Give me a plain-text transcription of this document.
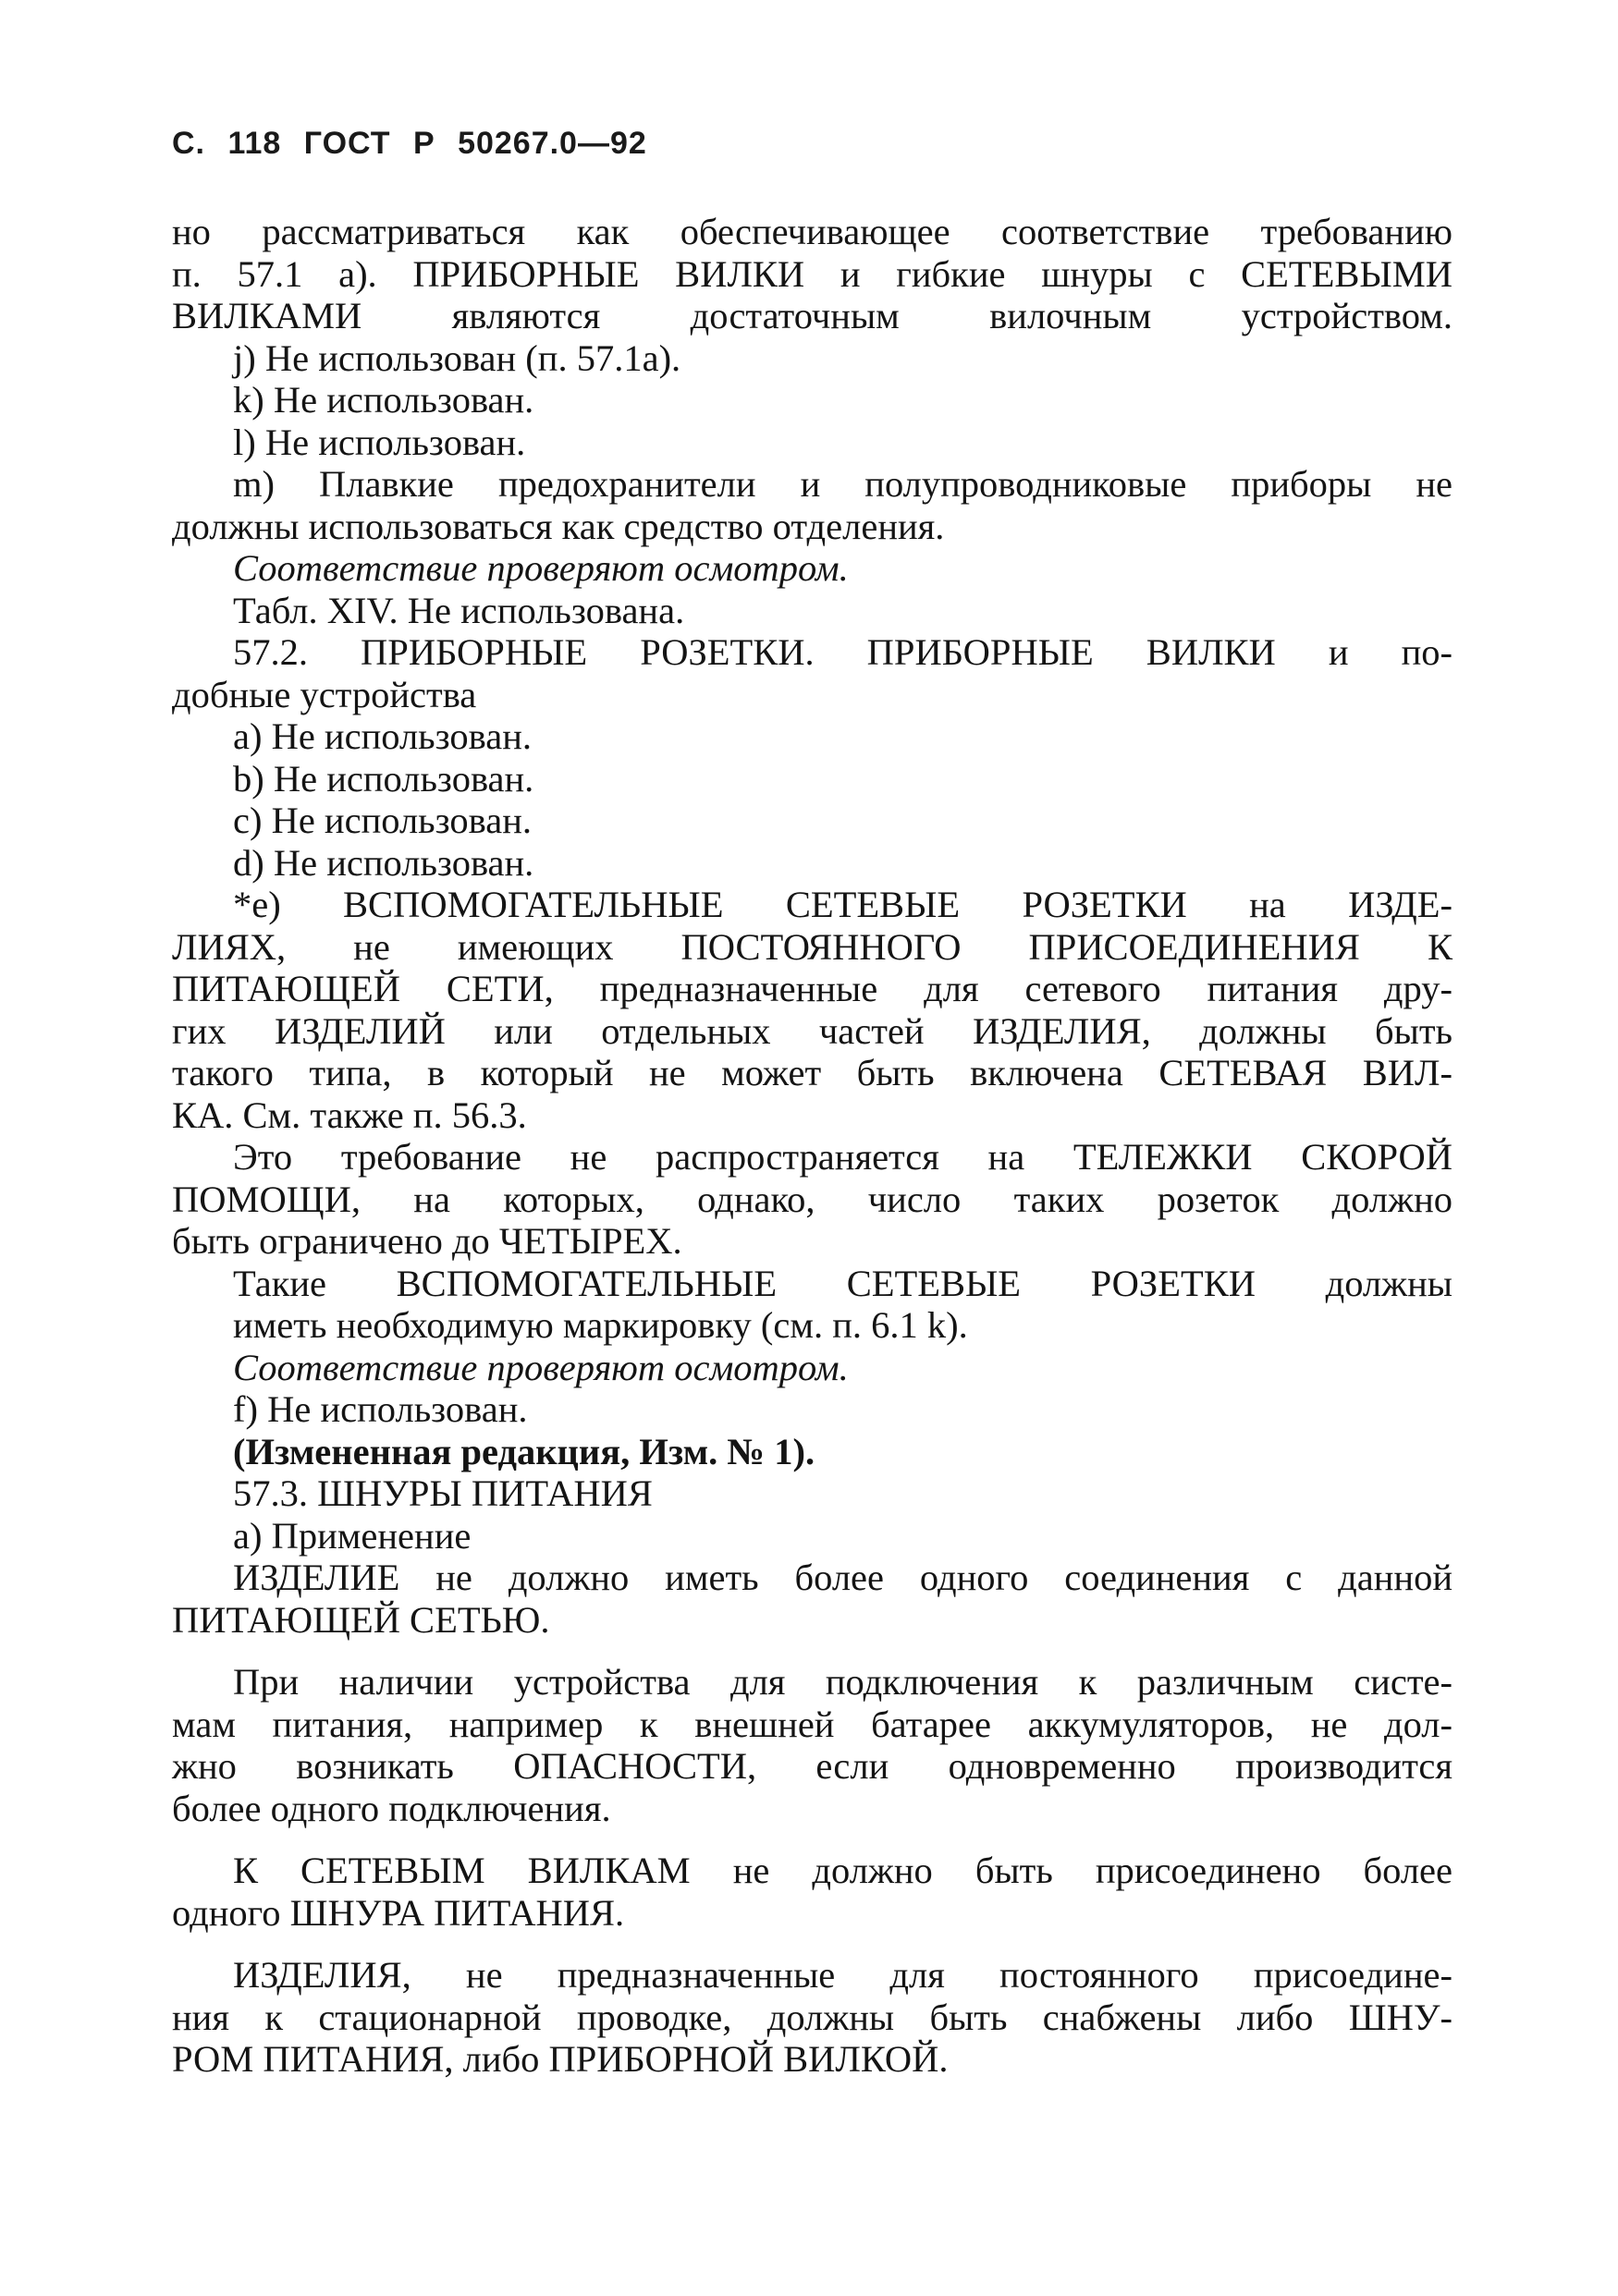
С. 118 ГОСТ Р 50267.0—92

но рассматриваться как обеспечивающее соответствие требованию

п. 57.1 а). ПРИБОРНЫЕ ВИЛКИ и гибкие шнуры с СЕТЕВЫМИ

ВИЛКАМИ являются достаточным вилочным устройством.

j) Не использован (п. 57.1а).

k) Не использован.

l) Не использован.

m) Плавкие предохранители и полупроводниковые приборы не

должны использоваться как средство отделения.

Соответствие проверяют осмотром.

Табл. XIV. Не использована.

57.2. ПРИБОРНЫЕ РОЗЕТКИ. ПРИБОРНЫЕ ВИЛКИ и по-

добные устройства

а) Не использован.

b) Не использован.

c) Не использован.

d) Не использован.

*e) ВСПОМОГАТЕЛЬНЫЕ СЕТЕВЫЕ РОЗЕТКИ на ИЗДЕ-

ЛИЯХ, не имеющих ПОСТОЯННОГО ПРИСОЕДИНЕНИЯ К

ПИТАЮЩЕЙ СЕТИ, предназначенные для сетевого питания дру-

гих ИЗДЕЛИЙ или отдельных частей ИЗДЕЛИЯ, должны быть

такого типа, в который не может быть включена СЕТЕВАЯ ВИЛ-

КА. См. также п. 56.3.

Это требование не распространяется на ТЕЛЕЖКИ СКОРОЙ

ПОМОЩИ, на которых, однако, число таких розеток должно

быть ограничено до ЧЕТЫРЕХ.

Такие ВСПОМОГАТЕЛЬНЫЕ СЕТЕВЫЕ РОЗЕТКИ должны

иметь необходимую маркировку (см. п. 6.1 k).

Соответствие проверяют осмотром.

f) Не использован.

(Измененная редакция, Изм. № 1).

57.3. ШНУРЫ ПИТАНИЯ

а) Применение

ИЗДЕЛИЕ не должно иметь более одного соединения с данной

ПИТАЮЩЕЙ СЕТЬЮ.

При наличии устройства для подключения к различным систе-

мам питания, например к внешней батарее аккумуляторов, не дол-

жно возникать ОПАСНОСТИ, если одновременно производится

более одного подключения.

К СЕТЕВЫМ ВИЛКАМ не должно быть присоединено более

одного ШНУРА ПИТАНИЯ.

ИЗДЕЛИЯ, не предназначенные для постоянного присоедине-

ния к стационарной проводке, должны быть снабжены либо ШНУ-

РОМ ПИТАНИЯ, либо ПРИБОРНОЙ ВИЛКОЙ.
